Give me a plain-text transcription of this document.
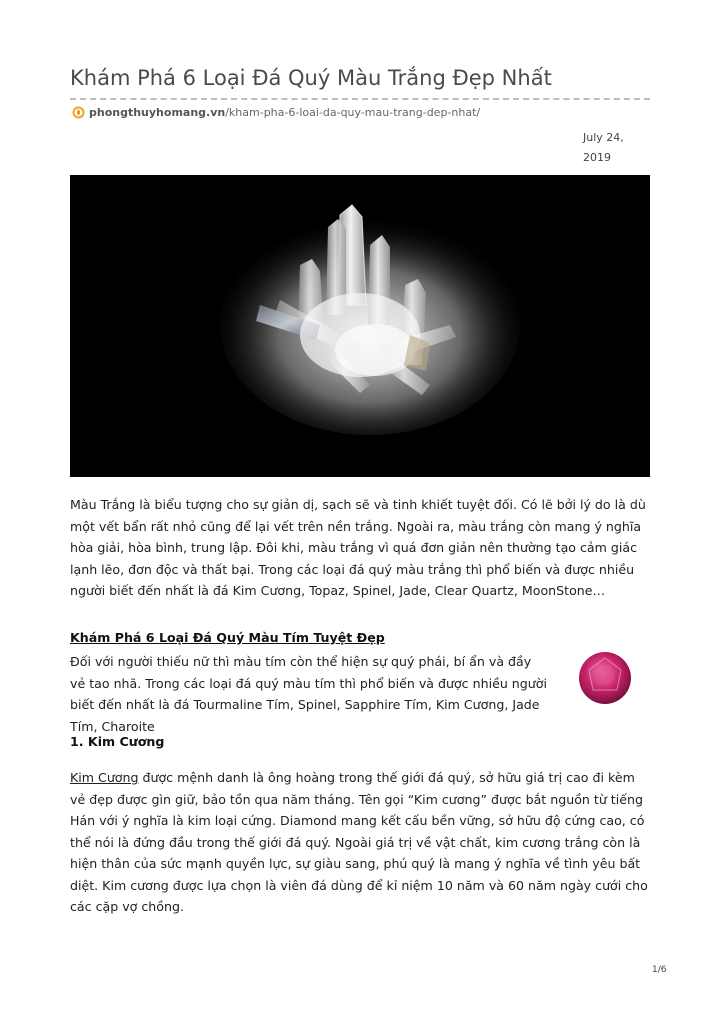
Khám Phá 6 Loại Đá Quý Màu Trắng Đẹp Nhất
phongthuyhomang.vn /kham-pha-6-loai-da-quy-mau-trang-dep-nhat/
July 24, 2019
Màu Trắng là biểu tượng cho sự giản dị, sạch sẽ và tinh khiết tuyệt đối. Có lẽ bởi lý do là dù một vết bẩn rất nhỏ cũng để lại vết trên nền trắng. Ngoài ra, màu trắng còn mang ý nghĩa hòa giải, hòa bình, trung lập. Đôi khi, màu trắng vì quá đơn giản nên thường tạo cảm giác lạnh lẽo, đơn độc và thất bại. Trong các loại đá quý màu trắng thì phổ biến và được nhiều người biết đến nhất là đá Kim Cương, Topaz, Spinel, Jade, Clear Quartz, MoonStone…
Khám Phá 6 Loại Đá Quý Màu Tím Tuyệt Đẹp
Đối với người thiếu nữ thì màu tím còn thể hiện sự quý phái, bí ẩn và đầy vẻ tao nhã. Trong các loại đá quý màu tím thì phổ biến và được nhiều người biết đến nhất là đá Tourmaline Tím, Spinel, Sapphire Tím, Kim Cương, Jade Tím, Charoite
1. Kim Cương
Kim Cương được mệnh danh là ông hoàng trong thế giới đá quý, sở hữu giá trị cao đi kèm vẻ đẹp được gìn giữ, bảo tồn qua năm tháng. Tên gọi “Kim cương” được bắt nguồn từ tiếng Hán với ý nghĩa là kim loại cứng. Diamond mang kết cấu bền vững, sở hữu độ cứng cao, có thể nói là đứng đầu trong thế giới đá quý. Ngoài giá trị về vật chất, kim cương trắng còn là hiện thân của sức mạnh quyền lực, sự giàu sang, phú quý là mang ý nghĩa về tình yêu bất diệt. Kim cương được lựa chọn là viên đá dùng để kỉ niệm 10 năm và 60 năm ngày cưới cho các cặp vợ chồng.
1/6
